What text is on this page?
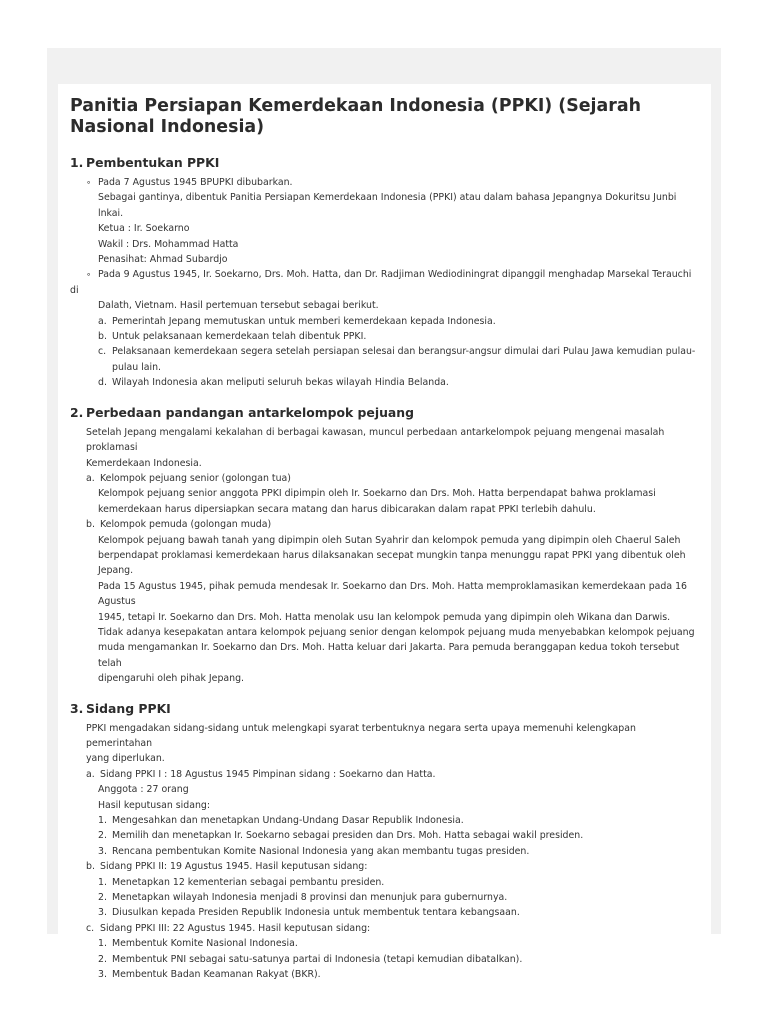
Panitia Persiapan Kemerdekaan Indonesia (PPKI) (Sejarah Nasional Indonesia)
1. Pembentukan PPKI
∘ Pada 7 Agustus 1945 BPUPKI dibubarkan.
Sebagai gantinya, dibentuk Panitia Persiapan Kemerdekaan Indonesia (PPKI) atau dalam bahasa Jepangnya Dokuritsu Junbi lnkai.
Ketua : Ir. Soekarno
Wakil : Drs. Mohammad Hatta
Penasihat: Ahmad Subardjo
∘ Pada 9 Agustus 1945, Ir. Soekarno, Drs. Moh. Hatta, dan Dr. Radjiman Wediodiningrat dipanggil menghadap Marsekal Terauchi di
Dalath, Vietnam. Hasil pertemuan tersebut sebagai berikut.
a. Pemerintah Jepang memutuskan untuk memberi kemerdekaan kepada Indonesia.
b. Untuk pelaksanaan kemerdekaan telah dibentuk PPKI.
c. Pelaksanaan kemerdekaan segera setelah persiapan selesai dan berangsur-angsur dimulai dari Pulau Jawa kemudian pulau-
pulau lain.
d. Wilayah Indonesia akan meliputi seluruh bekas wilayah Hindia Belanda.
2. Perbedaan pandangan antarkelompok pejuang
Setelah Jepang mengalami kekalahan di berbagai kawasan, muncul perbedaan antarkelompok pejuang mengenai masalah proklamasi
Kemerdekaan Indonesia.
a. Kelompok pejuang senior (golongan tua)
Kelompok pejuang senior anggota PPKI dipimpin oleh Ir. Soekarno dan Drs. Moh. Hatta berpendapat bahwa proklamasi
kemerdekaan harus dipersiapkan secara matang dan harus dibicarakan dalam rapat PPKI terlebih dahulu.
b. Kelompok pemuda (golongan muda)
Kelompok pejuang bawah tanah yang dipimpin oleh Sutan Syahrir dan kelompok pemuda yang dipimpin oleh Chaerul Saleh
berpendapat proklamasi kemerdekaan harus dilaksanakan secepat mungkin tanpa menunggu rapat PPKI yang dibentuk oleh
Jepang.
Pada 15 Agustus 1945, pihak pemuda mendesak Ir. Soekarno dan Drs. Moh. Hatta memproklamasikan kemerdekaan pada 16 Agustus
1945, tetapi Ir. Soekarno dan Drs. Moh. Hatta menolak usu Ian kelompok pemuda yang dipimpin oleh Wikana dan Darwis.
Tidak adanya kesepakatan antara kelompok pejuang senior dengan kelompok pejuang muda menyebabkan kelompok pejuang
muda mengamankan Ir. Soekarno dan Drs. Moh. Hatta keluar dari Jakarta. Para pemuda beranggapan kedua tokoh tersebut telah
dipengaruhi oleh pihak Jepang.
3. Sidang PPKI
PPKI mengadakan sidang-sidang untuk melengkapi syarat terbentuknya negara serta upaya memenuhi kelengkapan pemerintahan
yang diperlukan.
a. Sidang PPKI I : 18 Agustus 1945 Pimpinan sidang : Soekarno dan Hatta.
Anggota : 27 orang
Hasil keputusan sidang:
1. Mengesahkan dan menetapkan Undang-Undang Dasar Republik Indonesia.
2. Memilih dan menetapkan Ir. Soekarno sebagai presiden dan Drs. Moh. Hatta sebagai wakil presiden.
3. Rencana pembentukan Komite Nasional Indonesia yang akan membantu tugas presiden.
b. Sidang PPKI II: 19 Agustus 1945. Hasil keputusan sidang:
1. Menetapkan 12 kementerian sebagai pembantu presiden.
2. Menetapkan wilayah Indonesia menjadi 8 provinsi dan menunjuk para gubernurnya.
3. Diusulkan kepada Presiden Republik Indonesia untuk membentuk tentara kebangsaan.
c. Sidang PPKI III: 22 Agustus 1945. Hasil keputusan sidang:
1. Membentuk Komite Nasional Indonesia.
2. Membentuk PNI sebagai satu-satunya partai di Indonesia (tetapi kemudian dibatalkan).
3. Membentuk Badan Keamanan Rakyat (BKR).
